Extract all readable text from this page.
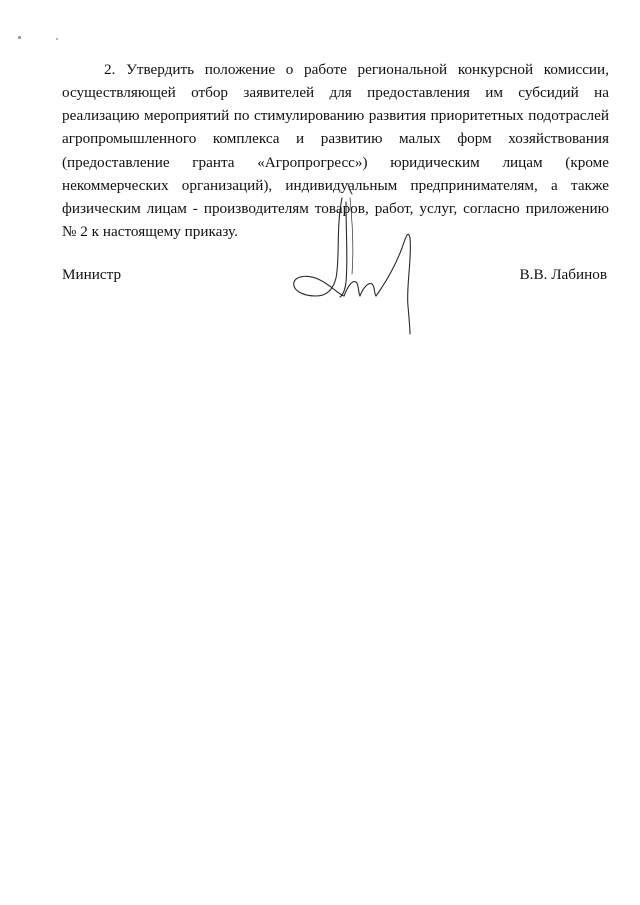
2. Утвердить положение о работе региональной конкурсной комиссии, осуществляющей отбор заявителей для предоставления им субсидий на реализацию мероприятий по стимулированию развития приоритетных подотраслей агропромышленного комплекса и развитию малых форм хозяйствования (предоставление гранта «Агропрогресс») юридическим лицам (кроме некоммерческих организаций), индивидуальным предпринимателям, а также физическим лицам - производителям товаров, работ, услуг, согласно приложению № 2 к настоящему приказу.

Министр	В.В. Лабинов
